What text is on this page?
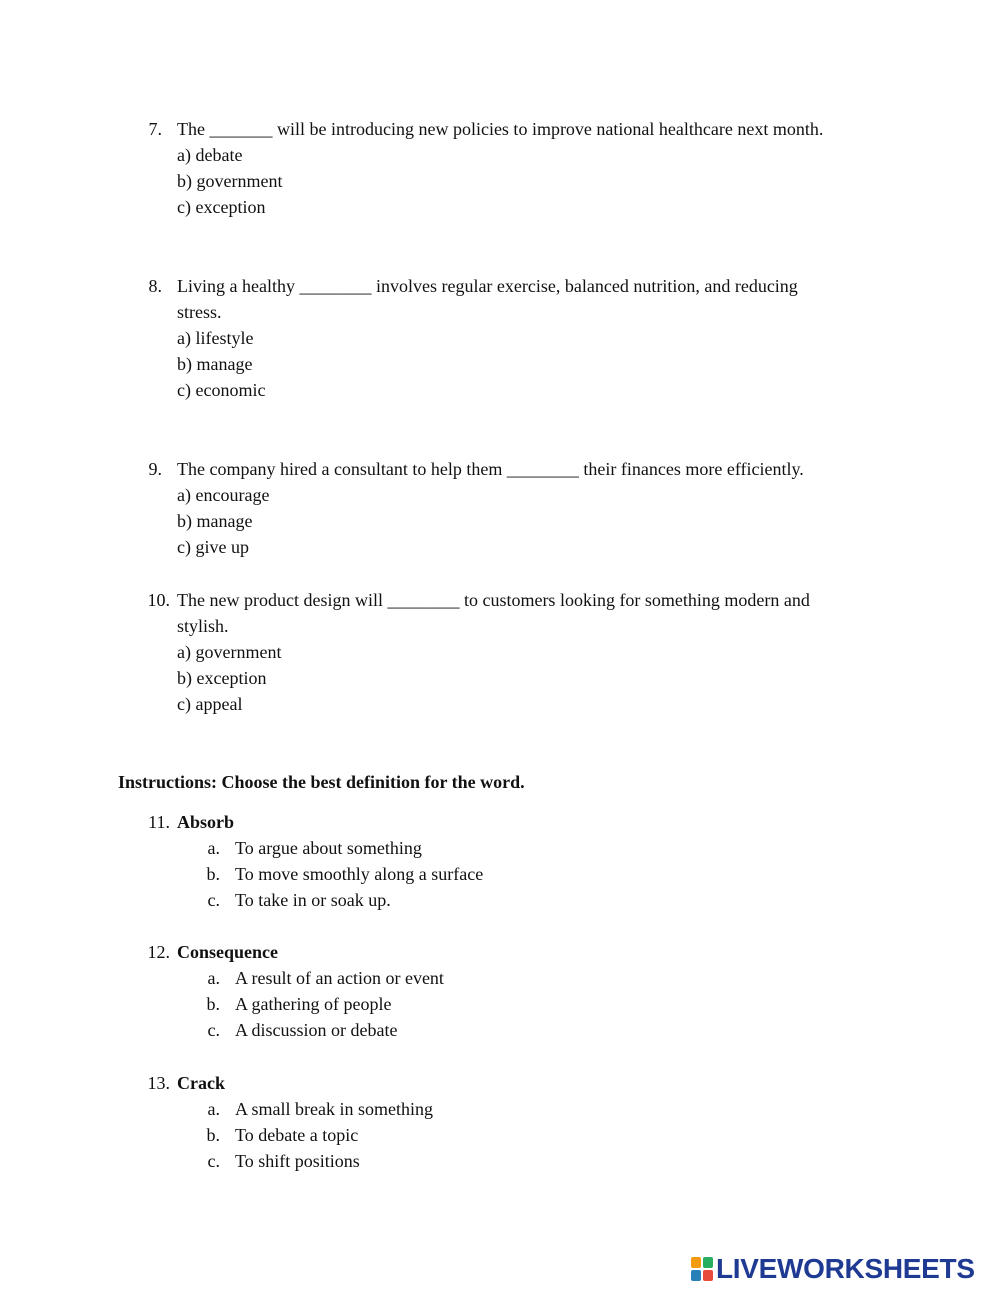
7. The _______ will be introducing new policies to improve national healthcare next month.
a) debate
b) government
c) exception
8. Living a healthy ________ involves regular exercise, balanced nutrition, and reducing
stress.
a) lifestyle
b) manage
c) economic
9. The company hired a consultant to help them ________ their finances more efficiently.
a) encourage
b) manage
c) give up
10. The new product design will ________ to customers looking for something modern and
stylish.
a) government
b) exception
c) appeal
Instructions: Choose the best definition for the word.
11. Absorb
a. To argue about something
b. To move smoothly along a surface
c. To take in or soak up.
12. Consequence
a. A result of an action or event
b. A gathering of people
c. A discussion or debate
13. Crack
a. A small break in something
b. To debate a topic
c. To shift positions
LIVEWORKSHEETS
